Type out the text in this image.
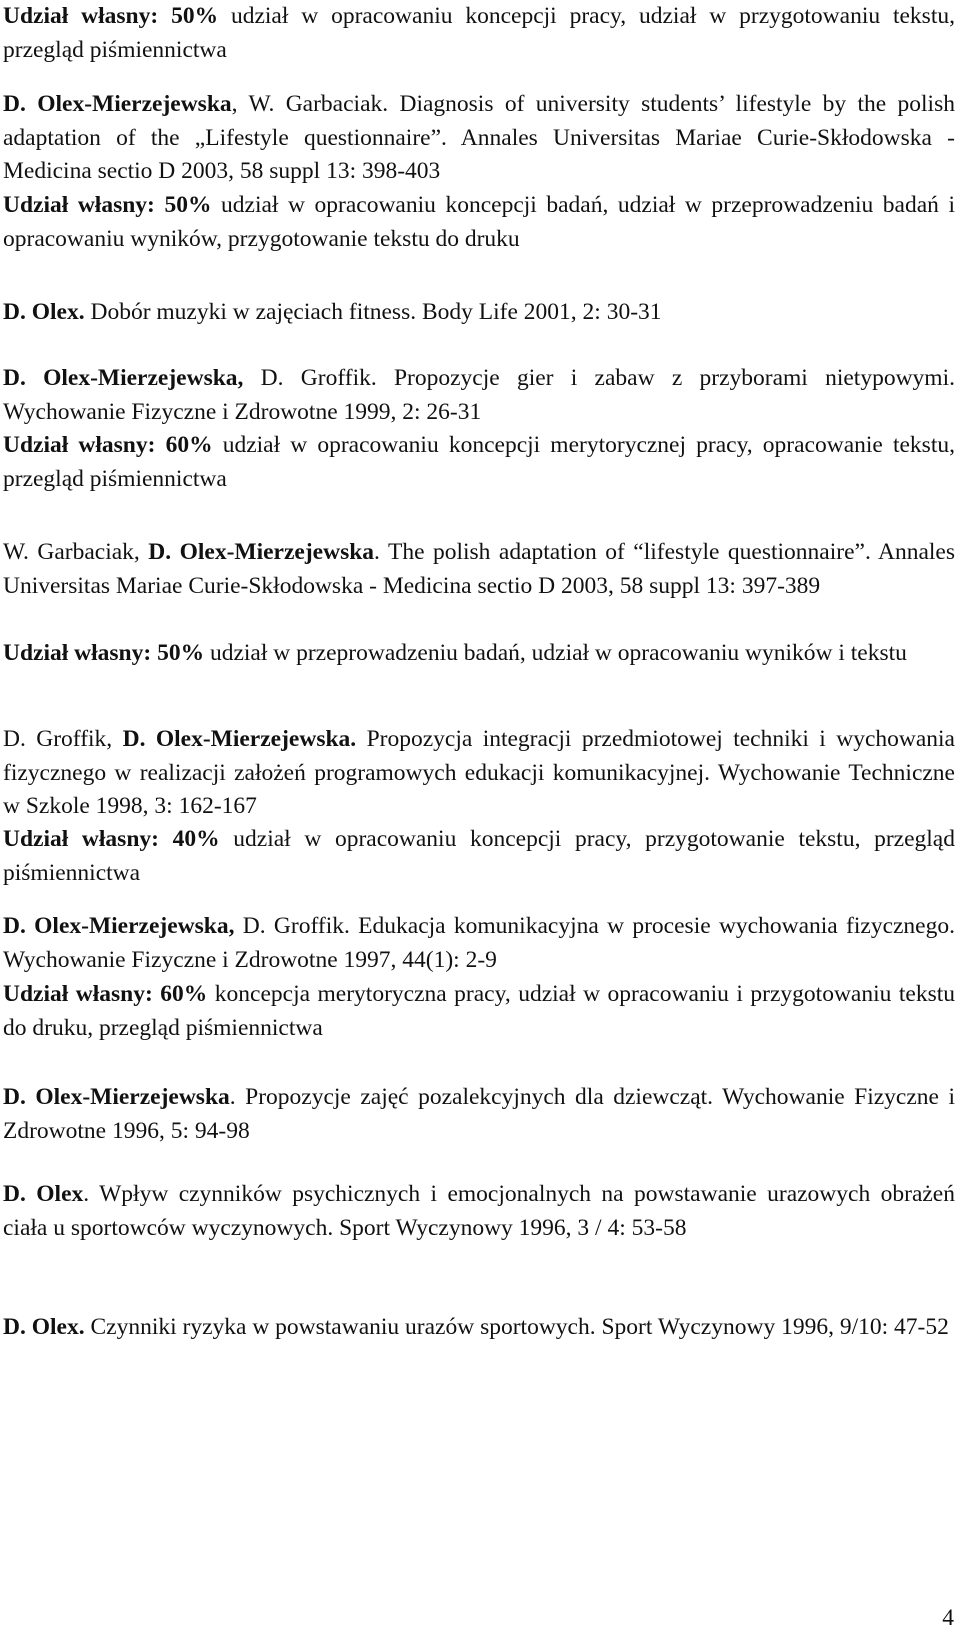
Udział własny: 50% udział w opracowaniu koncepcji pracy, udział w przygotowaniu tekstu, przegląd piśmiennictwa

D. Olex-Mierzejewska, W. Garbaciak. Diagnosis of university students’ lifestyle by the polish adaptation of the „Lifestyle questionnaire”. Annales Universitas Mariae Curie-Skłodowska - Medicina sectio D 2003, 58 suppl 13: 398-403

Udział własny: 50% udział w opracowaniu koncepcji badań, udział w przeprowadzeniu badań i opracowaniu wyników, przygotowanie tekstu do druku

D. Olex. Dobór muzyki w zajęciach fitness. Body Life 2001, 2: 30-31

D. Olex-Mierzejewska, D. Groffik. Propozycje gier i zabaw z przyborami nietypowymi. Wychowanie Fizyczne i Zdrowotne 1999, 2: 26-31

Udział własny: 60% udział w opracowaniu koncepcji merytorycznej pracy, opracowanie tekstu, przegląd piśmiennictwa

W. Garbaciak, D. Olex-Mierzejewska. The polish adaptation of “lifestyle questionnaire”. Annales Universitas Mariae Curie-Skłodowska - Medicina sectio D 2003, 58 suppl 13: 397-389

Udział własny: 50% udział w przeprowadzeniu badań, udział w opracowaniu wyników i tekstu

D. Groffik, D. Olex-Mierzejewska. Propozycja integracji przedmiotowej techniki i wychowania fizycznego w realizacji założeń programowych edukacji komunikacyjnej. Wychowanie Techniczne w Szkole 1998, 3: 162-167

Udział własny: 40% udział w opracowaniu koncepcji pracy, przygotowanie tekstu, przegląd piśmiennictwa

D. Olex-Mierzejewska, D. Groffik. Edukacja komunikacyjna w procesie wychowania fizycznego. Wychowanie Fizyczne i Zdrowotne 1997, 44(1): 2-9

Udział własny: 60% koncepcja merytoryczna pracy, udział w opracowaniu i przygotowaniu tekstu do druku, przegląd piśmiennictwa

D. Olex-Mierzejewska. Propozycje zajęć pozalekcyjnych dla dziewcząt. Wychowanie Fizyczne i Zdrowotne 1996, 5: 94-98

D. Olex. Wpływ czynników psychicznych i emocjonalnych na powstawanie urazowych obrażeń ciała u sportowców wyczynowych. Sport Wyczynowy 1996, 3 / 4: 53-58

D. Olex. Czynniki ryzyka w powstawaniu urazów sportowych. Sport Wyczynowy 1996, 9/10: 47-52

4
